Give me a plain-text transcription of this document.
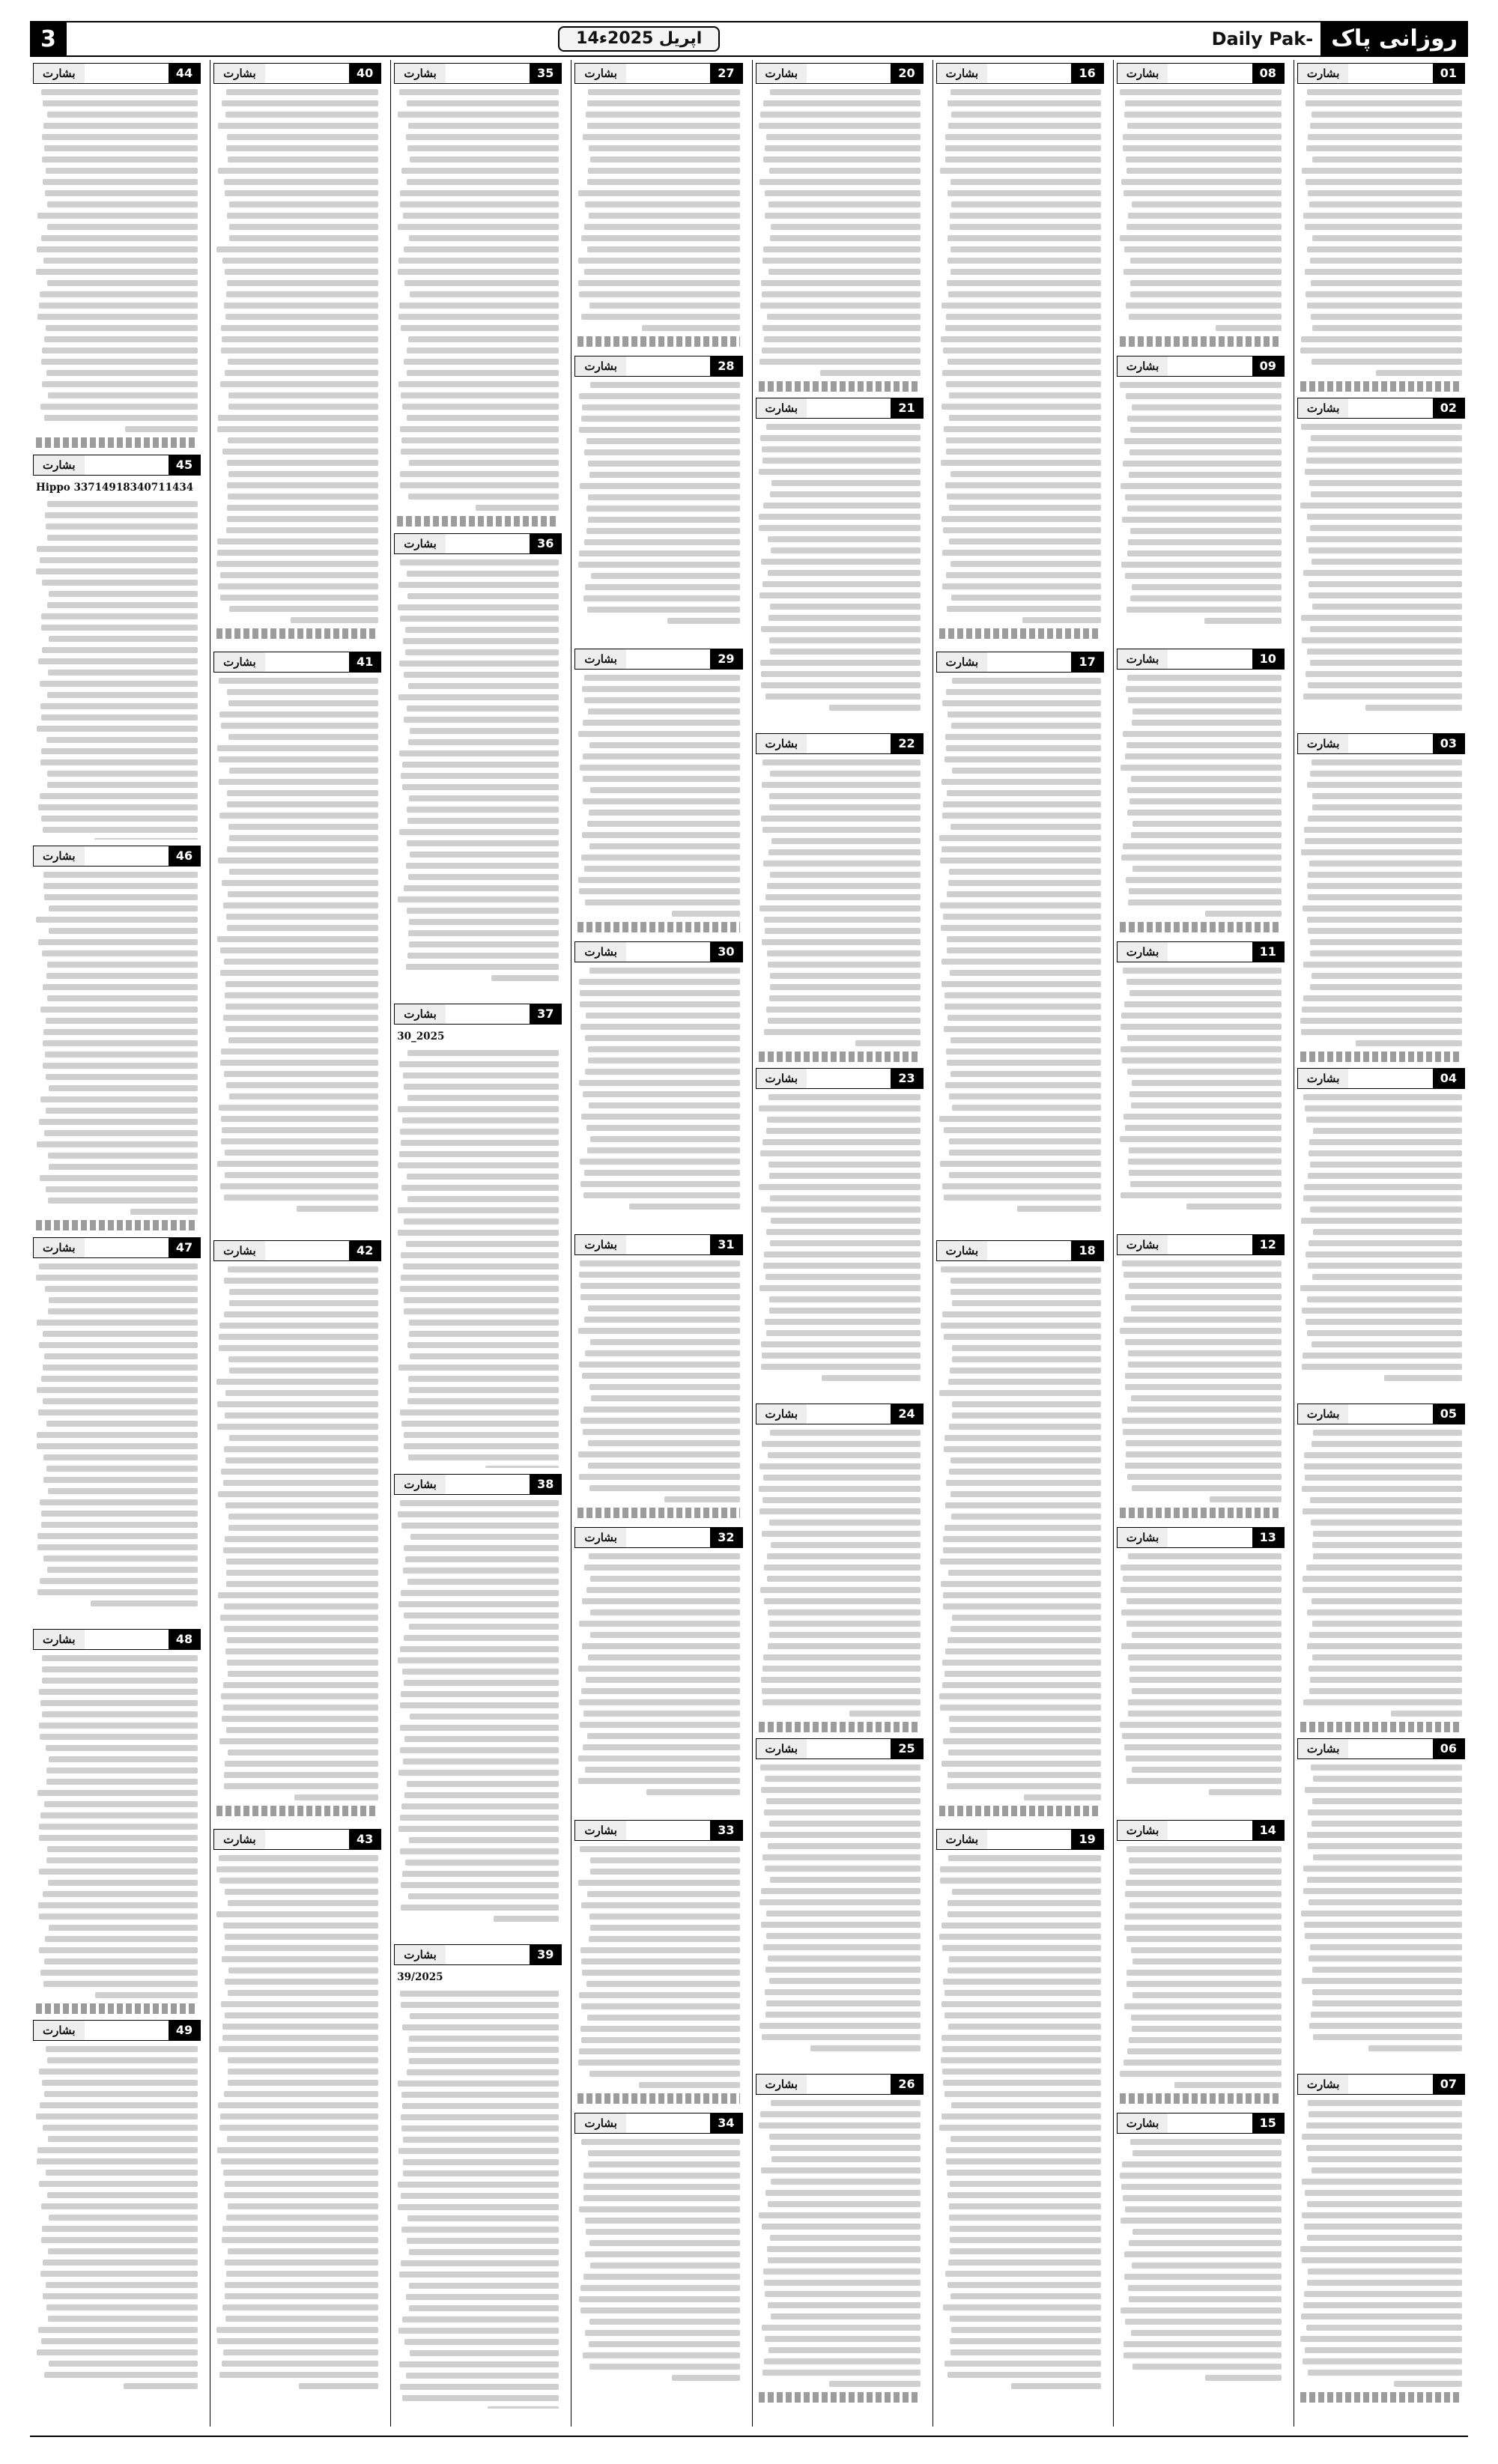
3	14اپریل 2025ء	Daily Pak- روزانی پاک
بشارت	01
بشارت	02
بشارت	03
بشارت	04
بشارت	05
بشارت	06
بشارت	07
بشارت	08
بشارت	09
بشارت	10
بشارت	11
بشارت	12
بشارت	13
بشارت	14
بشارت	15
بشارت	16
بشارت	17
بشارت	18
بشارت	19
بشارت	20
بشارت	21
بشارت	22
بشارت	23
بشارت	24
بشارت	25
بشارت	26
بشارت	27
بشارت	28
بشارت	29
بشارت	30
بشارت	31
بشارت	32
بشارت	33
بشارت	34
بشارت	35
بشارت	36
بشارت	37
30_2025
بشارت	38
بشارت	39
39/2025
بشارت	40
بشارت	41
بشارت	42
بشارت	43
بشارت	44
بشارت	45
Hippo 33714918340711434
بشارت	46
بشارت	47
بشارت	48
بشارت	49
